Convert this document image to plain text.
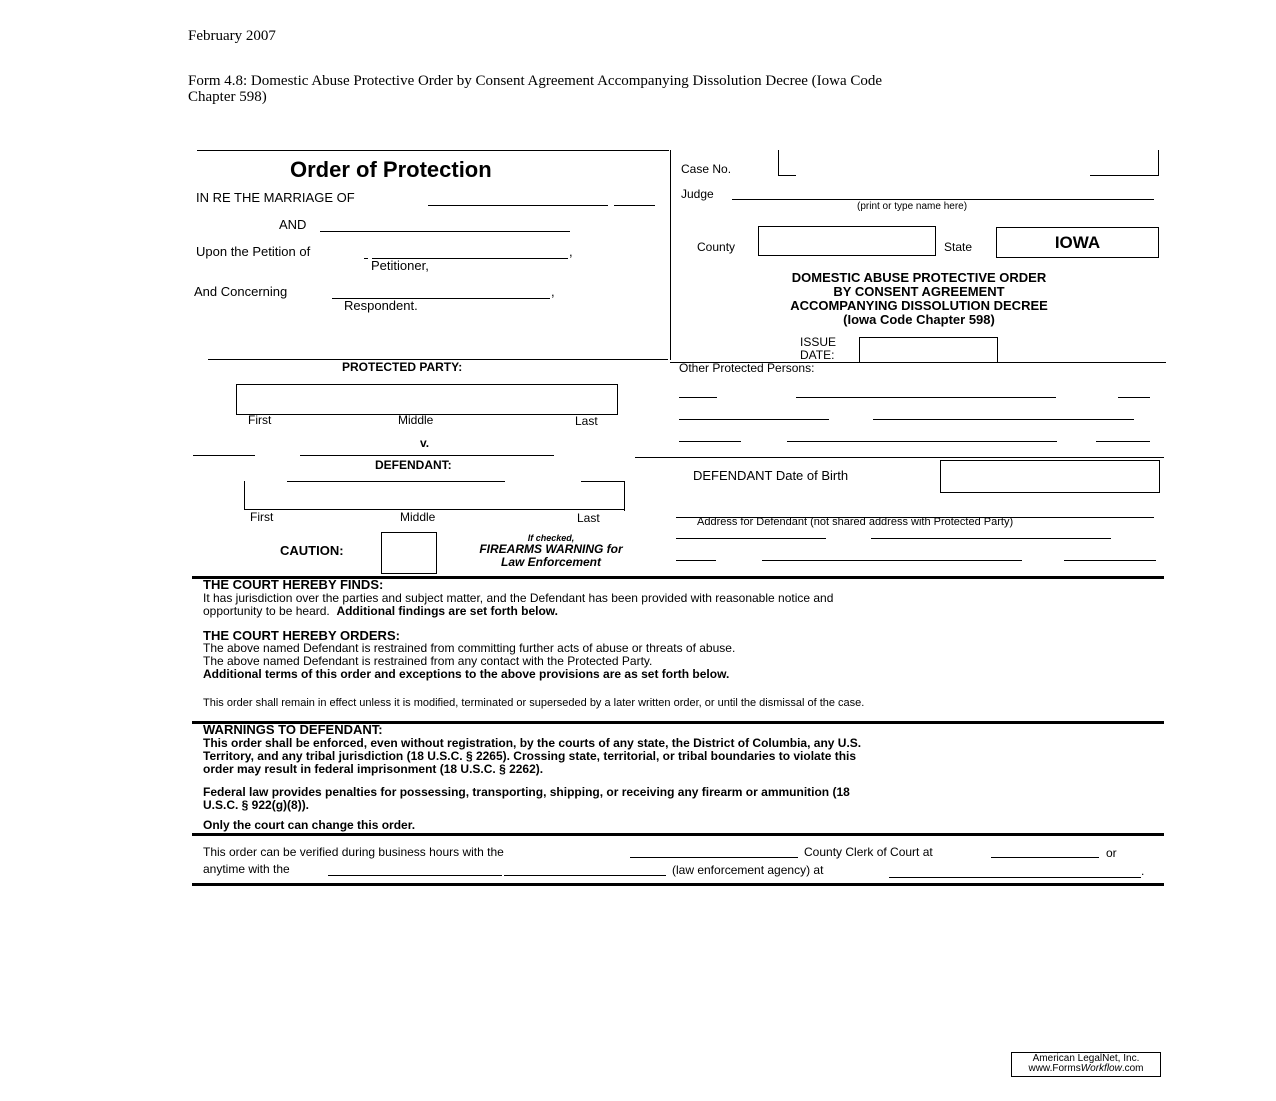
February 2007
Form 4.8: Domestic Abuse Protective Order by Consent Agreement Accompanying Dissolution Decree (Iowa Code
Chapter 598)
Order of Protection
IN RE THE MARRIAGE OF
AND
Upon the Petition of	,
Petitioner,
And Concerning	,
Respondent.
Case No.
Judge
(print or type name here)
County	State	IOWA
DOMESTIC ABUSE PROTECTIVE ORDER
BY CONSENT AGREEMENT
ACCOMPANYING DISSOLUTION DECREE
(Iowa Code Chapter 598)
ISSUE
DATE:
PROTECTED PARTY:
First	Middle	Last
v.
Other Protected Persons:
DEFENDANT:
First	Middle	Last
DEFENDANT Date of Birth
Address for Defendant (not shared address with Protected Party)
CAUTION:
If checked,
FIREARMS WARNING for
Law Enforcement
THE COURT HEREBY FINDS:
It has jurisdiction over the parties and subject matter, and the Defendant has been provided with reasonable notice and
opportunity to be heard. Additional findings are set forth below.
THE COURT HEREBY ORDERS:
The above named Defendant is restrained from committing further acts of abuse or threats of abuse.
The above named Defendant is restrained from any contact with the Protected Party.
Additional terms of this order and exceptions to the above provisions are as set forth below.
This order shall remain in effect unless it is modified, terminated or superseded by a later written order, or until the dismissal of the case.
WARNINGS TO DEFENDANT:
This order shall be enforced, even without registration, by the courts of any state, the District of Columbia, any U.S.
Territory, and any tribal jurisdiction (18 U.S.C. § 2265). Crossing state, territorial, or tribal boundaries to violate this
order may result in federal imprisonment (18 U.S.C. § 2262).
Federal law provides penalties for possessing, transporting, shipping, or receiving any firearm or ammunition (18
U.S.C. § 922(g)(8)).
Only the court can change this order.
This order can be verified during business hours with the	County Clerk of Court at	or
anytime with the	(law enforcement agency) at	.
American LegalNet, Inc.
www.FormsWorkflow.com
